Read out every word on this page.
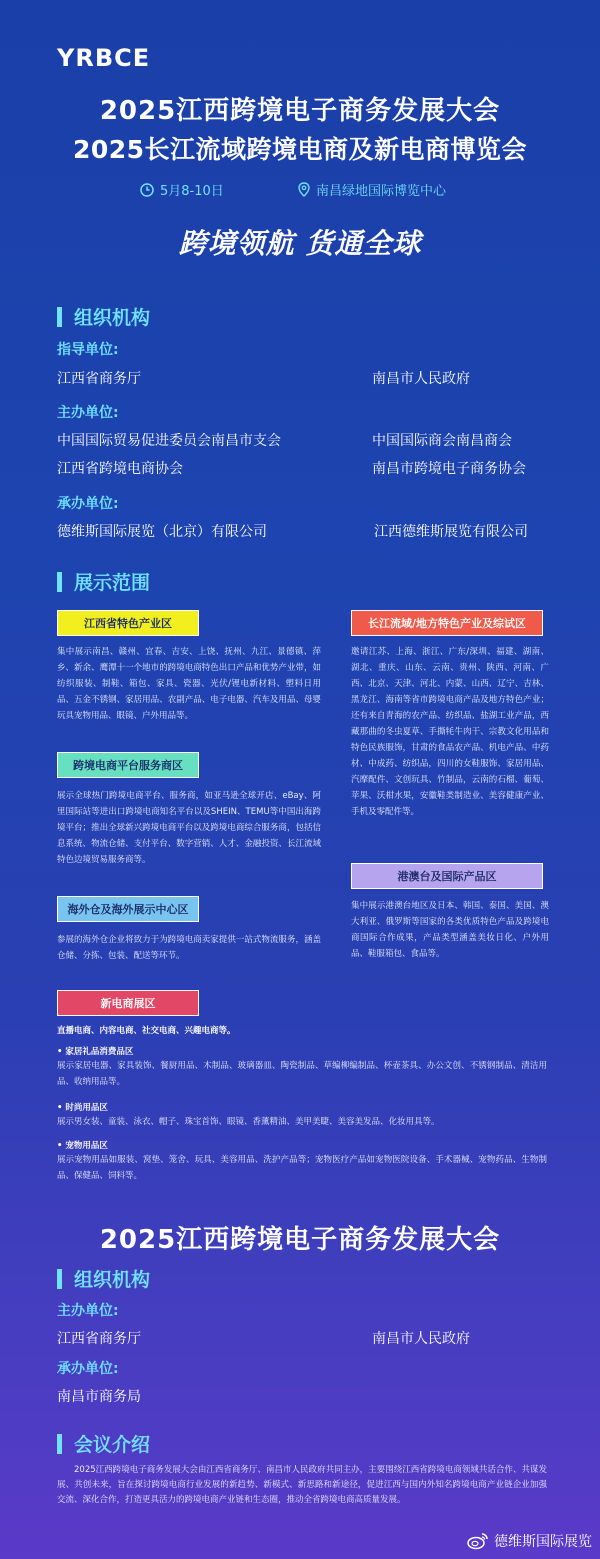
YRBCE
2025江西跨境电子商务发展大会
2025长江流域跨境电商及新电商博览会
5月8-10日	南昌绿地国际博览中心
跨境领航 货通全球
组织机构
指导单位:
江西省商务厅	南昌市人民政府
主办单位:
中国国际贸易促进委员会南昌市支会	中国国际商会南昌商会
江西省跨境电商协会	南昌市跨境电子商务协会
承办单位:
德维斯国际展览（北京）有限公司	江西德维斯展览有限公司
展示范围
江西省特色产业区
集中展示南昌、赣州、宜春、吉安、上饶、抚州、九江、景德镇、萍乡、新余、鹰潭十一个地市的跨境电商特色出口产品和优势产业带，如纺织服装、制鞋、箱包、家具、瓷器、光伏/锂电新材料、塑料日用品、五金不锈钢、家居用品、农副产品、电子电器、汽车及用品、母婴玩具宠物用品、眼镜、户外用品等。
跨境电商平台服务商区
展示全球热门跨境电商平台、服务商，如亚马逊全球开店、eBay、阿里国际站等进出口跨境电商知名平台以及SHEIN、TEMU等中国出海跨境平台；推出全球新兴跨境电商平台以及跨境电商综合服务商，包括信息系统、物流仓储、支付平台、数字营销、人才、金融投资、长江流域特色边境贸易服务商等。
海外仓及海外展示中心区
参展的海外仓企业将致力于为跨境电商卖家提供一站式物流服务，涵盖仓储、分拣、包装、配送等环节。
长江流域/地方特色产业及综试区
邀请江苏、上海、浙江、广东/深圳、福建、湖南、湖北、重庆、山东、云南、贵州、陕西、河南、广西、北京、天津、河北、内蒙、山西、辽宁、吉林、黑龙江、海南等省市跨境电商产品及地方特色产业；还有来自青海的农产品、纺织品、盐湖工业产品，西藏那曲的冬虫夏草、手撕牦牛肉干、宗教文化用品和特色民族服饰，甘肃的食品农产品、机电产品、中药材、中成药、纺织品，四川的女鞋服饰、家居用品、汽摩配件、文创玩具、竹制品，云南的石榴、葡萄、苹果、沃柑水果，安徽鞋类制造业、美容健康产业、手机及零配件等。
港澳台及国际产品区
集中展示港澳台地区及日本、韩国、泰国、美国、澳大利亚、俄罗斯等国家的各类优质特色产品及跨境电商国际合作成果，产品类型涵盖美妆日化、户外用品、鞋服箱包、食品等。
新电商展区
直播电商、内容电商、社交电商、兴趣电商等。
• 家居礼品消费品区
展示家居电器、家具装饰、餐厨用品、木制品、玻璃器皿、陶瓷制品、草编柳编制品、杯壶茶具、办公文创、不锈钢制品、清洁用品、收纳用品等。
• 时尚用品区
展示男女装、童装、泳衣、帽子、珠宝首饰、眼镜、香薰精油、美甲美睫、美容美发品、化妆用具等。
• 宠物用品区
展示宠物用品如服装、窝垫、笼舍、玩具、美容用品、洗护产品等；宠物医疗产品如宠物医院设备、手术器械、宠物药品、生物制品、保健品、饲料等。
2025江西跨境电子商务发展大会
组织机构
主办单位:
江西省商务厅	南昌市人民政府
承办单位:
南昌市商务局
会议介绍
2025江西跨境电子商务发展大会由江西省商务厅、南昌市人民政府共同主办，主要围绕江西省跨境电商领域共话合作、共谋发展、共创未来，旨在探讨跨境电商行业发展的新趋势、新模式、新思路和新途径，促进江西与国内外知名跨境电商产业链企业加强交流、深化合作，打造更具活力的跨境电商产业链和生态圈，推动全省跨境电商高质量发展。
德维斯国际展览
